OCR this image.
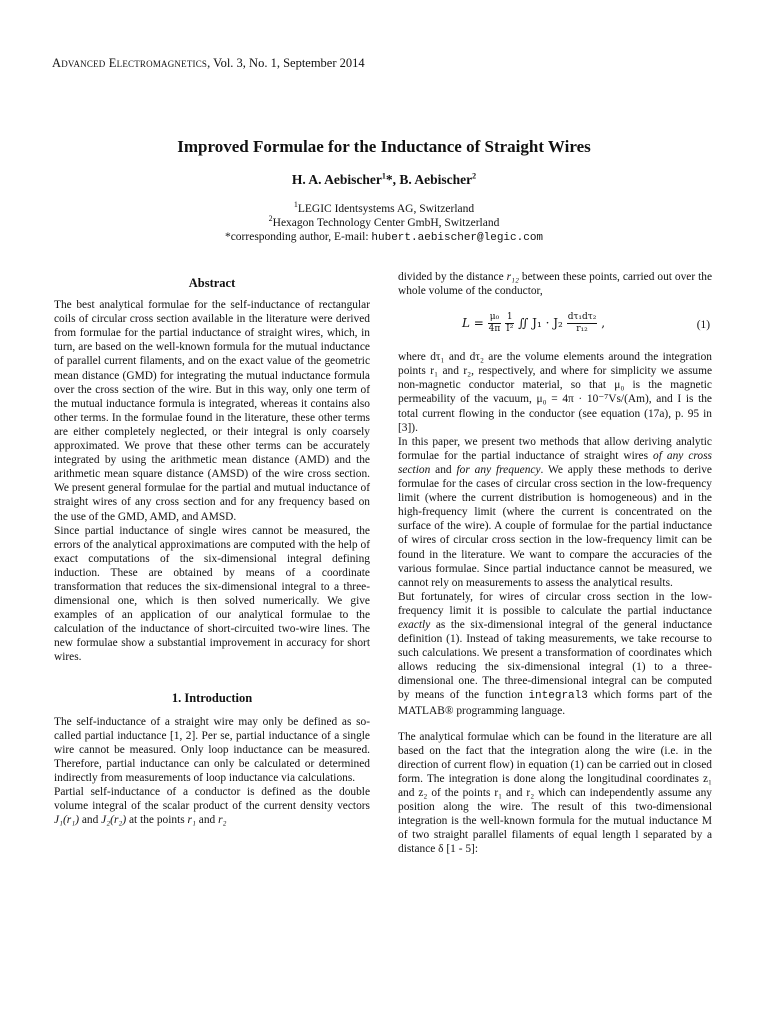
Advanced Electromagnetics, Vol. 3, No. 1, September 2014
Improved Formulae for the Inductance of Straight Wires
H. A. Aebischer$^1$*, B. Aebischer$^2$
$^1$LEGIC Identsystems AG, Switzerland
$^2$Hexagon Technology Center GmbH, Switzerland
*corresponding author, E-mail: hubert.aebischer@legic.com
Abstract

The best analytical formulae for the self-inductance of rectangular coils of circular cross section available in the literature were derived from formulae for the partial inductance of straight wires, which, in turn, are based on the well-known formula for the mutual inductance of parallel current filaments, and on the exact value of the geometric mean distance (GMD) for integrating the mutual inductance formula over the cross section of the wire. But in this way, only one term of the mutual inductance formula is integrated, whereas it contains also other terms. In the formulae found in the literature, these other terms are either completely neglected, or their integral is only coarsely approximated. We prove that these other terms can be accurately integrated by using the arithmetic mean distance (AMD) and the arithmetic mean square distance (AMSD) of the wire cross section. We present general formulae for the partial and mutual inductance of straight wires of any cross section and for any frequency based on the use of the GMD, AMD, and AMSD.

Since partial inductance of single wires cannot be measured, the errors of the analytical approximations are computed with the help of exact computations of the six-dimensional integral defining induction. These are obtained by means of a coordinate transformation that reduces the six-dimensional integral to a three-dimensional one, which is then solved numerically. We give examples of an application of our analytical formulae to the calculation of the inductance of short-circuited two-wire lines. The new formulae show a substantial improvement in accuracy for short wires.

1. Introduction

The self-inductance of a straight wire may only be defined as so-called partial inductance [1, 2]. Per se, partial inductance of a single wire cannot be measured. Only loop inductance can be measured. Therefore, partial inductance can only be calculated or determined indirectly from measurements of loop inductance via calculations.

Partial self-inductance of a conductor is defined as the double volume integral of the scalar product of the current density vectors J₁(r₁) and J₂(r₂) at the points r₁ and r₂

divided by the distance r₁₂ between these points, carried out over the whole volume of the conductor,

$L = \frac{\text{μ₀}}{4\pi}$
$\frac{1}{\text{I²}}$ ∬ $J_1 \cdot J_2 \frac{\text{dτ₁dτ₂}}{\text{r₁₂}}$ ,	(1)

where dτ₁ and dτ₂ are the volume elements around the integration points r₁ and r₂, respectively, and where for simplicity we assume non-magnetic conductor material, so that μ₀ is the magnetic permeability of the vacuum, μ₀ = 4π · 10⁻⁷Vs/(Am), and I is the total current flowing in the conductor (see equation (17a), p. 95 in [3]).

In this paper, we present two methods that allow deriving analytic formulae for the partial inductance of straight wires of any cross section and for any frequency. We apply these methods to derive formulae for the cases of circular cross section in the low-frequency limit (where the current distribution is homogeneous) and in the high-frequency limit (where the current is concentrated on the surface of the wire). A couple of formulae for the partial inductance of wires of circular cross section in the low-frequency limit can be found in the literature. We want to compare the accuracies of the various formulae. Since partial inductance cannot be measured, we cannot rely on measurements to assess the analytical results.

But fortunately, for wires of circular cross section in the low-frequency limit it is possible to calculate the partial inductance exactly as the six-dimensional integral of the general inductance definition (1). Instead of taking measurements, we take recourse to such calculations. We present a transformation of coordinates which allows reducing the six-dimensional integral (1) to a three-dimensional one. The three-dimensional integral can be computed by means of the function integral3 which forms part of the MATLAB® programming language.

The analytical formulae which can be found in the literature are all based on the fact that the integration along the wire (i.e. in the direction of current flow) in equation (1) can be carried out in closed form. The integration is done along the longitudinal coordinates z₁ and z₂ of the points r₁ and r₂ which can independently assume any position along the wire. The result of this two-dimensional integration is the well-known formula for the mutual inductance M of two straight parallel filaments of equal length l separated by a distance δ [1 - 5]:
